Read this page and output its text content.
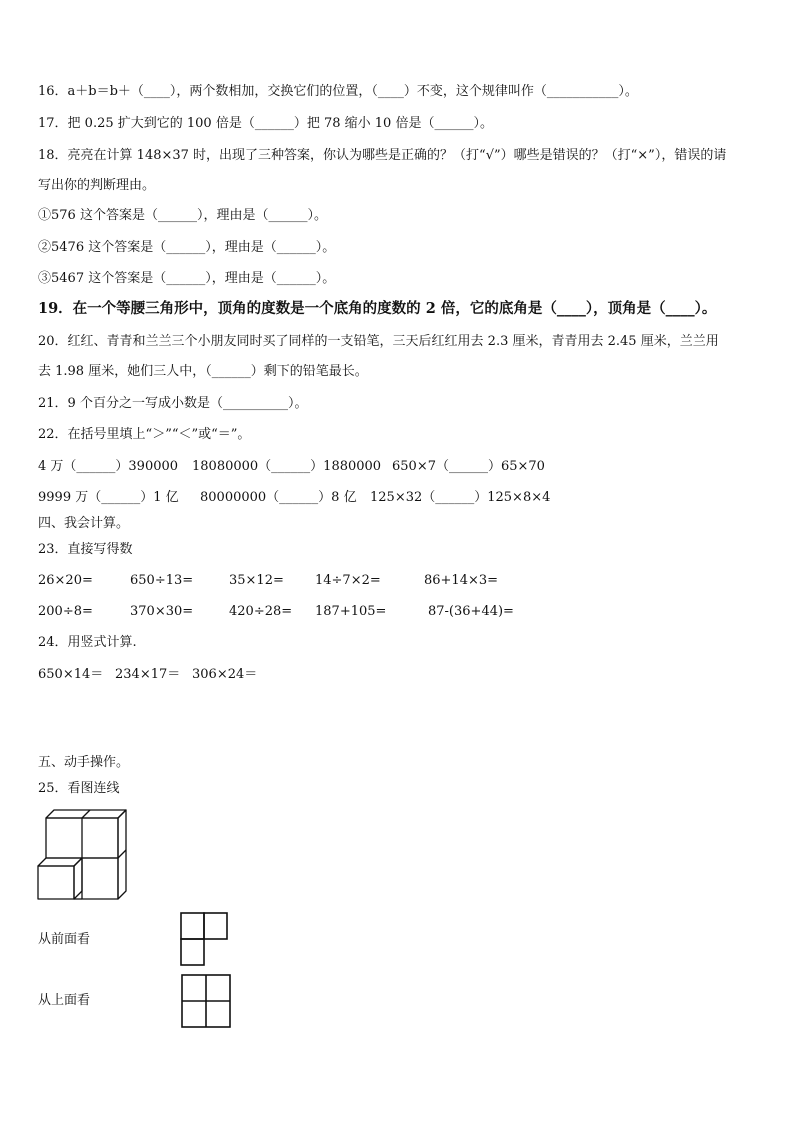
16．a＋b＝b＋（____），两个数相加，交换它们的位置，（____）不变，这个规律叫作（___________）。
17．把 0.25 扩大到它的 100 倍是（______）把 78 缩小 10 倍是（______）。
18．亮亮在计算 148×37 时，出现了三种答案，你认为哪些是正确的？（打“√”）哪些是错误的？（打“×”），错误的请
写出你的判断理由。
①576 这个答案是（______），理由是（______）。
②5476 这个答案是（______），理由是（______）。
③5467 这个答案是（______），理由是（______）。
19．在一个等腰三角形中，顶角的度数是一个底角的度数的 2 倍，它的底角是（____），顶角是（____）。
20．红红、青青和兰兰三个小朋友同时买了同样的一支铅笔，三天后红红用去 2.3 厘米，青青用去 2.45 厘米，兰兰用
去 1.98 厘米，她们三人中，（______）剩下的铅笔最长。
21．9 个百分之一写成小数是（__________）。
22．在括号里填上“＞”“＜”或“＝”。
4 万（______）390000 18080000（______）1880000 650×7（______）65×70
9999 万（______）1 亿 80000000（______）8 亿 125×32（______）125×8×4
四、我会计算。
23．直接写得数
26×20=	650÷13=	35×12= 14÷7×2=	86+14×3=
200÷8=	370×30=	420÷28= 187+105=	87-(36+44)=
24．用竖式计算.
650×14＝ 234×17＝ 306×24＝
五、动手操作。
25．看图连线
从前面看
从上面看
